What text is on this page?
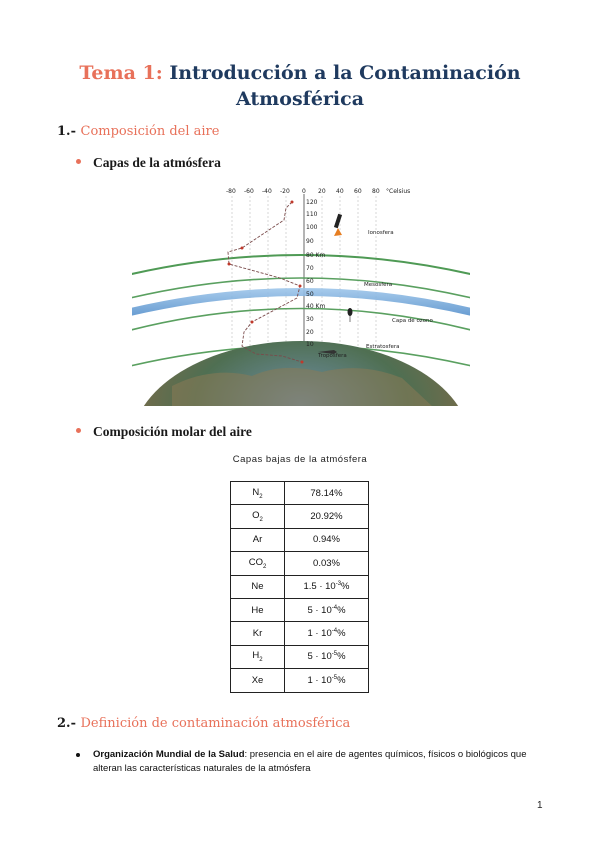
Tema 1: Introducción a la Contaminación
Atmosférica
1.- Composición del aire
Capas de la atmósfera
120
110
100
90
80 Km
70
60
50
40 Km
30
20
10
-80 -60 -40 -20 0 20 40 60 80 °Celsius
Ionosfera
Mesosfera
Estratosfera
Tropósfera
Capa de ozono
Composición molar del aire
Capas bajas de la atmósfera
$N_2$	78.14%
$O_2$	20.92%
Ar	0.94%
$CO_2$	0.03%
Ne	$1.5 \cdot 10^{-3}\%$
He	$5 \cdot 10^{-4}\%$
Kr	$1 \cdot 10^{-4}\%$
$H_2$	$5 \cdot 10^{-5}\%$
Xe	$1 \cdot 10^{-5}\%$
2.- Definición de contaminación atmosférica
Organización Mundial de la Salud: presencia en el aire de agentes químicos, físicos o biológicos que alteran las características naturales de la atmósfera
1
